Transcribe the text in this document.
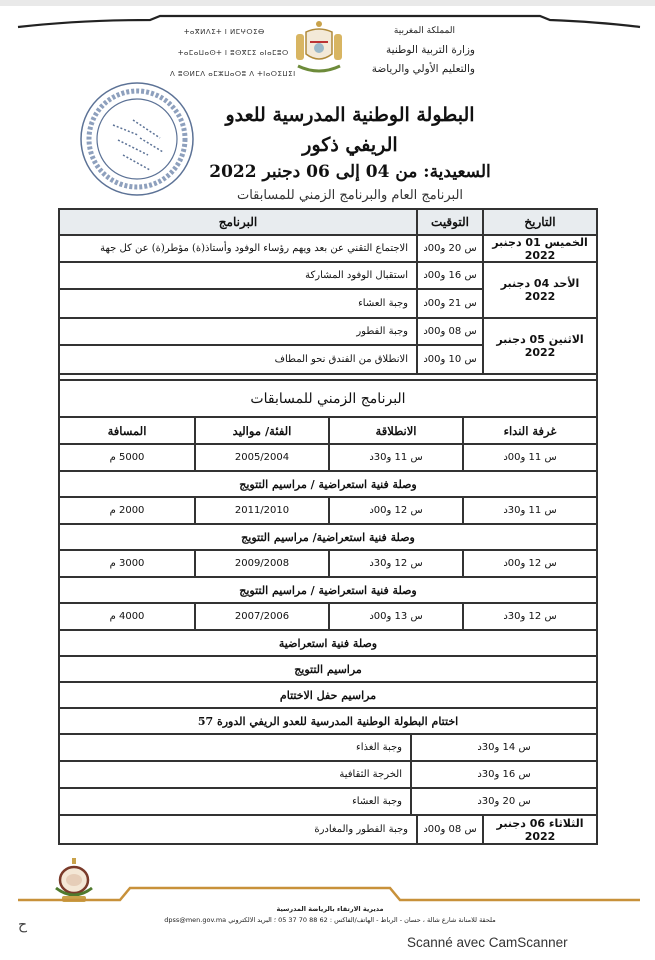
المملكة المغربية
وزارة التربية الوطنية
والتعليم الأولي والرياضة
ⵜⴰⴳⵍⴷⵉⵜ ⵏ ⵍⵎⵖⵔⵉⴱ
ⵜⴰⵎⴰⵡⴰⵙⵜ ⵏ ⵓⵙⴳⵎⵉ ⴰⵏⴰⵎⵓⵔ
ⴷ ⵓⵙⵍⵎⴷ ⴰⵎⵣⵡⴰⵔⵓ ⴷ ⵜⵏⴰⵔⵉⵡⵉⵏ
البطولة الوطنية المدرسية للعدو الريفي ذكور
السعيدية: من 04 إلى 06 دجنبر 2022
البرنامج العام والبرنامج الزمني للمسابقات
التاريخ
التوقيت
البرنامج
الخميس 01 دجنبر 2022
س 20 و00د
الاجتماع التقني عن بعد ويهم رؤساء الوفود وأستاذ(ة) مؤطر(ة) عن كل جهة
الأحد 04 دجنبر 2022
س 16 و00د
استقبال الوفود المشاركة
س 21 و00د
وجبة العشاء
الاثنين 05 دجنبر 2022
س 08 و00د
وجبة الفطور
س 10 و00د
الانطلاق من الفندق نحو المطاف
البرنامج الزمني للمسابقات
غرفة النداء
الانطلاقة
الفئة/ مواليد
المسافة
س 11 و00د
س 11 و30د
2005/2004
5000 م
وصلة فنية استعراضية / مراسيم التتويج
س 11 و30د
س 12 و00د
2011/2010
2000 م
وصلة فنية استعراضية/ مراسيم التتويج
س 12 و00د
س 12 و30د
2009/2008
3000 م
وصلة فنية استعراضية / مراسيم التتويج
س 12 و30د
س 13 و00د
2007/2006
4000 م
وصلة فنية استعراضية
مراسيم التتويج
مراسيم حفل الاختتام
اختتام البطولة الوطنية المدرسية للعدو الريفي الدورة 57
س 14 و30د
وجبة الغذاء
س 16 و30د
الخرجة الثقافية
س 20 و30د
وجبة العشاء
الثلاثاء 06 دجنبر 2022
س 08 و00د
وجبة الفطور والمغادرة
مديرية الارتقاء بالرياضة المدرسية
ملحقة للامنانة شارع شالة ، حسان - الرباط - الهاتف/الفاكس : 62 88 70 37 05 ؛ البريد الالكتروني dpss@men.gov.ma
ح
Scanné avec CamScanner
